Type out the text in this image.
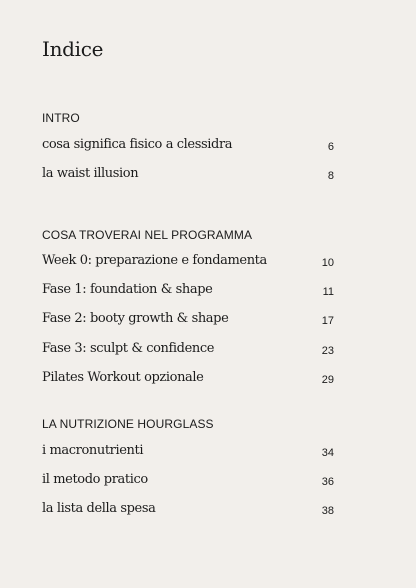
Indice
INTRO
cosa significa fisico a clessidra	6
la waist illusion	8
COSA TROVERAI NEL PROGRAMMA
Week 0: preparazione e fondamenta	10
Fase 1: foundation & shape	11
Fase 2: booty growth & shape	17
Fase 3: sculpt & confidence	23
Pilates Workout opzionale	29
LA NUTRIZIONE HOURGLASS
i macronutrienti	34
il metodo pratico	36
la lista della spesa	38
